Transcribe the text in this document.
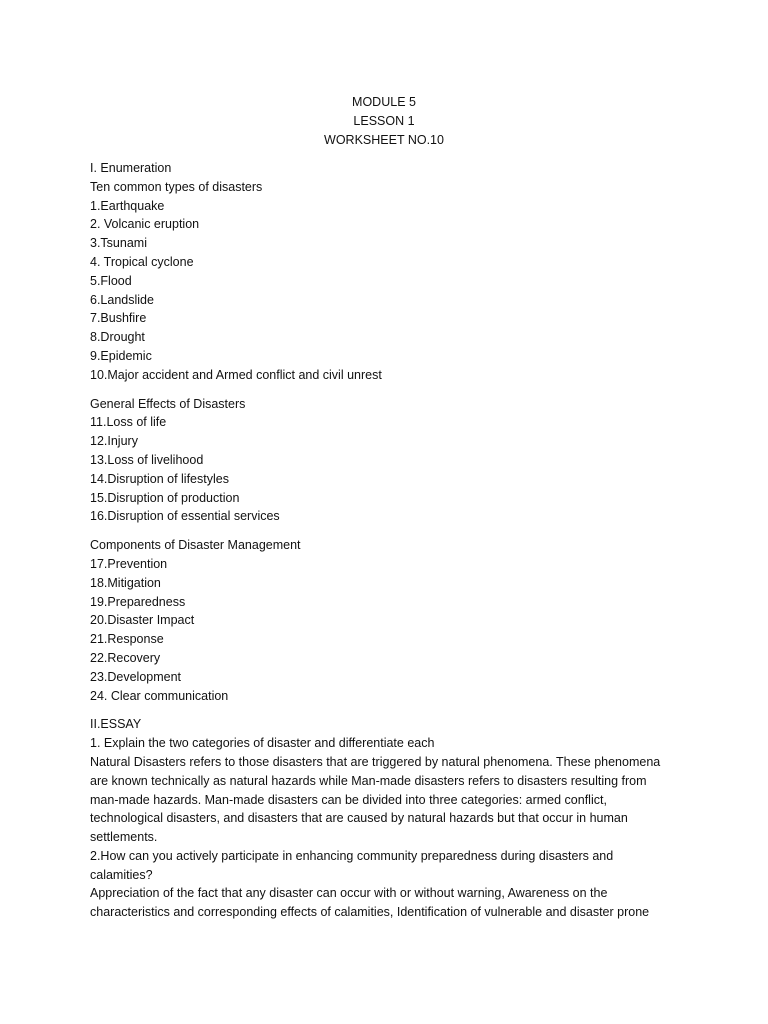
MODULE 5
LESSON 1
WORKSHEET NO.10
I. Enumeration
Ten common types of disasters
1.Earthquake
2. Volcanic eruption
3.Tsunami
4. Tropical cyclone
5.Flood
6.Landslide
7.Bushfire
8.Drought
9.Epidemic
10.Major accident and Armed conflict and civil unrest
General Effects of Disasters
11.Loss of life
12.Injury
13.Loss of livelihood
14.Disruption of lifestyles
15.Disruption of production
16.Disruption of essential services
Components of Disaster Management
17.Prevention
18.Mitigation
19.Preparedness
20.Disaster Impact
21.Response
22.Recovery
23.Development
24. Clear communication
II.ESSAY
1. Explain the two categories of disaster and differentiate each
Natural Disasters refers to those disasters that are triggered by natural phenomena. These phenomena
are known technically as natural hazards while Man-made disasters refers to disasters resulting from
man-made hazards. Man-made disasters can be divided into three categories: armed conflict,
technological disasters, and disasters that are caused by natural hazards but that occur in human
settlements.
2.How can you actively participate in enhancing community preparedness during disasters and
calamities?
Appreciation of the fact that any disaster can occur with or without warning, Awareness on the
characteristics and corresponding effects of calamities, Identification of vulnerable and disaster prone
